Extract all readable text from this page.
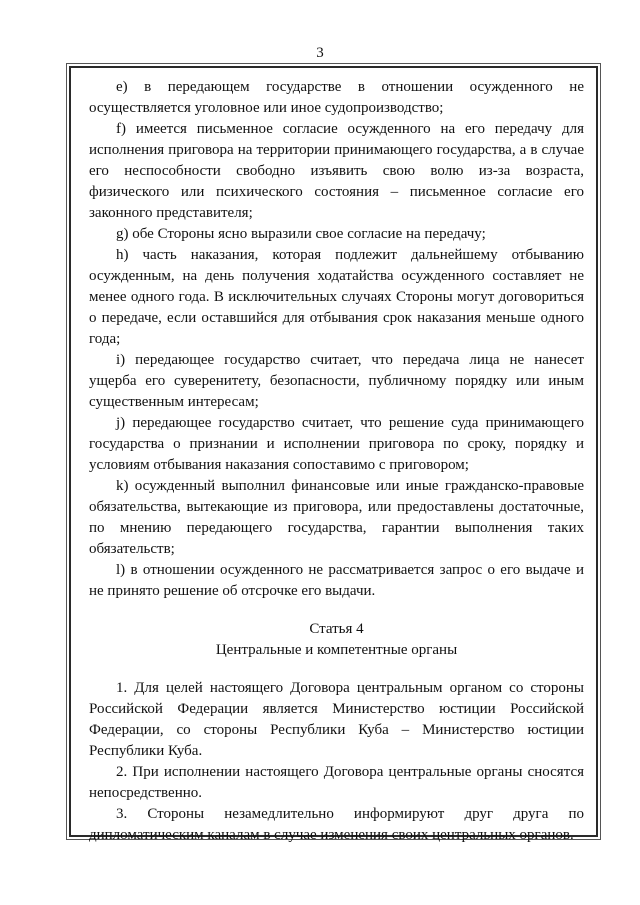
3

e) в передающем государстве в отношении осужденного не осуществляется уголовное или иное судопроизводство;

f) имеется письменное согласие осужденного на его передачу для исполнения приговора на территории принимающего государства, а в случае его неспособности свободно изъявить свою волю из-за возраста, физического или психического состояния – письменное согласие его законного представителя;

g) обе Стороны ясно выразили свое согласие на передачу;

h) часть наказания, которая подлежит дальнейшему отбыванию осужденным, на день получения ходатайства осужденного составляет не менее одного года. В исключительных случаях Стороны могут договориться о передаче, если оставшийся для отбывания срок наказания меньше одного года;

i) передающее государство считает, что передача лица не нанесет ущерба его суверенитету, безопасности, публичному порядку или иным существенным интересам;

j) передающее государство считает, что решение суда принимающего государства о признании и исполнении приговора по сроку, порядку и условиям отбывания наказания сопоставимо с приговором;

k) осужденный выполнил финансовые или иные гражданско-правовые обязательства, вытекающие из приговора, или предоставлены достаточные, по мнению передающего государства, гарантии выполнения таких обязательств;

l) в отношении осужденного не рассматривается запрос о его выдаче и не принято решение об отсрочке его выдачи.

Статья 4

Центральные и компетентные органы

1. Для целей настоящего Договора центральным органом со стороны Российской Федерации является Министерство юстиции Российской Федерации, со стороны Республики Куба – Министерство юстиции Республики Куба.

2. При исполнении настоящего Договора центральные органы сносятся непосредственно.

3. Стороны незамедлительно информируют друг друга по дипломатическим каналам в случае изменения своих центральных органов.
